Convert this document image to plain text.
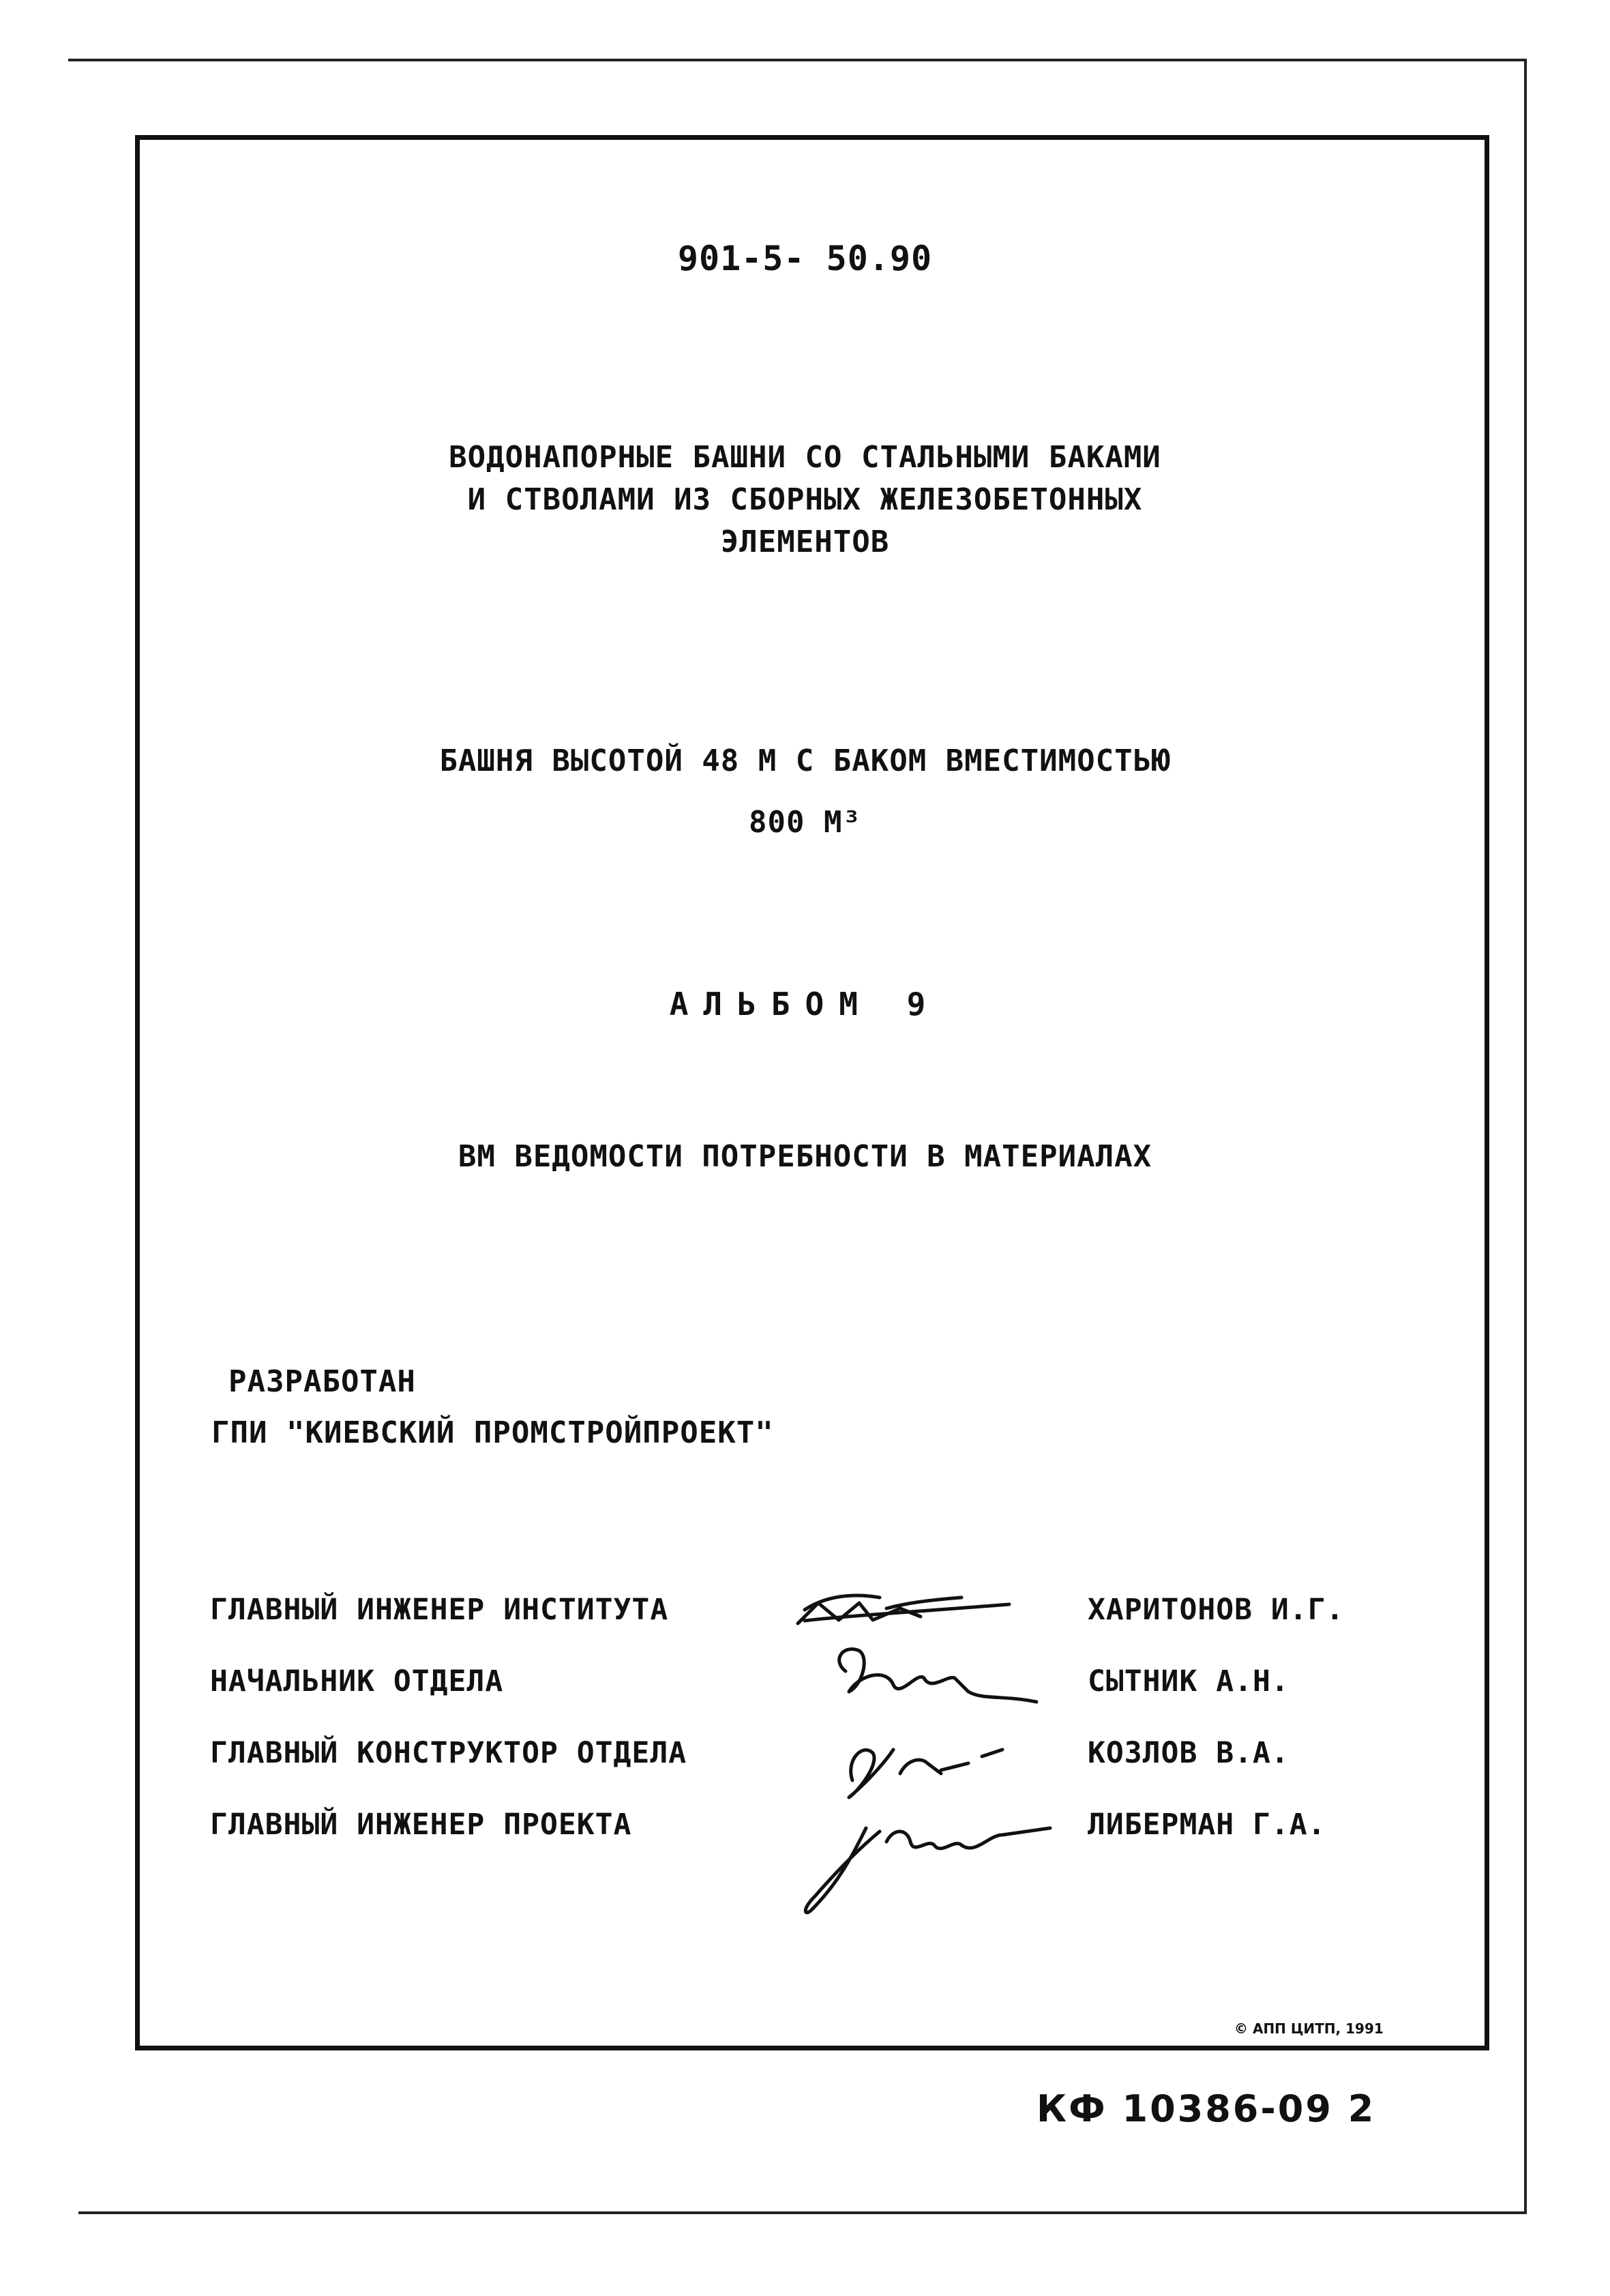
901-5- 50.90
ВОДОНАПОРНЫЕ БАШНИ СО СТАЛЬНЫМИ БАКАМИ
И СТВОЛАМИ ИЗ СБОРНЫХ ЖЕЛЕЗОБЕТОННЫХ
ЭЛЕМЕНТОВ
БАШНЯ ВЫСОТОЙ 48 М С БАКОМ ВМЕСТИМОСТЬЮ
800 М³
АЛЬБОМ 9
ВМ ВЕДОМОСТИ ПОТРЕБНОСТИ В МАТЕРИАЛАХ
РАЗРАБОТАН
ГПИ "КИЕВСКИЙ ПРОМСТРОЙПРОЕКТ"
ГЛАВНЫЙ ИНЖЕНЕР ИНСТИТУТА	ХАРИТОНОВ И.Г.
НАЧАЛЬНИК ОТДЕЛА	СЫТНИК А.Н.
ГЛАВНЫЙ КОНСТРУКТОР ОТДЕЛА	КОЗЛОВ В.А.
ГЛАВНЫЙ ИНЖЕНЕР ПРОЕКТА	ЛИБЕРМАН Г.А.
© АПП ЦИТП, 1991
КФ 10386-09 2
